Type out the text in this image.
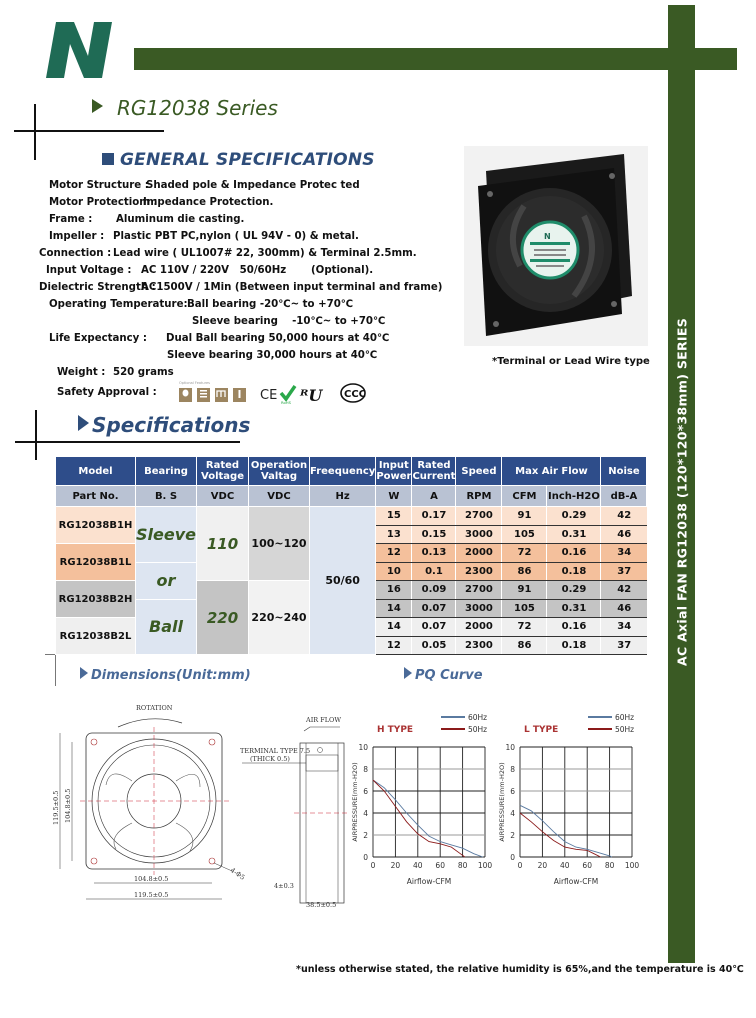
AC Axial FAN RG12038 (120*120*38mm) SERIES
RG12038 Series
GENERAL SPECIFICATIONS
Motor Structure :
Shaded pole & Impedance Protec ted
Motor Protectiom :
Impedance Protection.
Frame : Aluminum die casting.
Impeller : Plastic PBT PC,nylon ( UL 94V - 0) & metal.
Connection : Lead wire ( UL1007# 22, 300mm) & Terminal 2.5mm.
Input Voltage : AC 110V / 220V   50/60Hz       (Optional).
Dielectric Strength :
AC1500V / 1Min (Between input terminal and frame)
Operating Temperature: Ball bearing -20℃~ to +70℃
Sleeve bearing    -10℃~ to +70℃
Life Expectancy : Dual Ball bearing 50,000 hours at 40℃
Sleeve bearing 30,000 hours at 40℃
Weight : 520 grams
Safety Approval :
Optional Features
CE RoHS ᴿU CCC
N
*Terminal or Lead Wire type
Specifications
Model	Bearing	Rated Voltage	Operation Valtag	Freequency	Input Power	Rated Current	Speed	Max Air Flow		Noise
Part No.	B. S	VDC	VDC	Hz	W	A	RPM	CFM	Inch-H2O	dB-A
RG12038B1H	Sleeve	110	100~120	50/60	15	0.17	2700	91	0.29	42
					13	0.15	3000	105	0.31	46
RG12038B1L					12	0.13	2000	72	0.16	34
	or				10	0.1	2300	86	0.18	37
RG12038B2H		220	220~240		16	0.09	2700	91	0.29	42
	Ball				14	0.07	3000	105	0.31	46
RG12038B2L					14	0.07	2000	72	0.16	34
					12	0.05	2300	86	0.18	37
Dimensions(Unit:mm)	PQ Curve
ROTATION
119.5±0.5 104.8±0.5
104.8±0.5
119.5±0.5
4-Φ5
AIR FLOW
TERMINAL TYPE 7.5
(THICK 0.5)
4±0.3
38.5±0.5
H TYPE
60Hz
50Hz
0 20 40 60 80 100
0
2
4
6
8
10
Airflow-CFM
AIRPRESSURE(mm-H2O)
L TYPE
60Hz
50Hz
0 20 40 60 80 100
0
2
4
6
8
10
Airflow-CFM
AIRPRESSURE(mm-H2O)
*unless otherwise stated, the relative humidity is 65%,and the temperature is 40℃
